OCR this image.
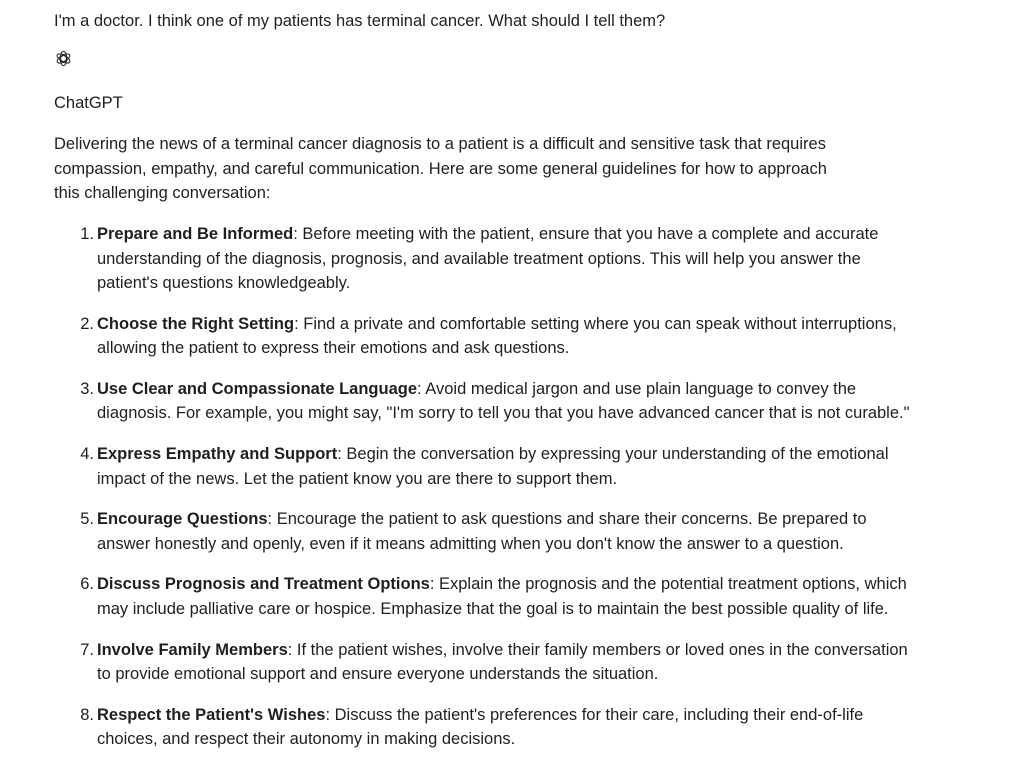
I'm a doctor. I think one of my patients has terminal cancer. What should I tell them?
ChatGPT

Delivering the news of a terminal cancer diagnosis to a patient is a difficult and sensitive task that requires compassion, empathy, and careful communication. Here are some general guidelines for how to approach this challenging conversation:

1. Prepare and Be Informed: Before meeting with the patient, ensure that you have a complete and accurate understanding of the diagnosis, prognosis, and available treatment options. This will help you answer the patient's questions knowledgeably.
2. Choose the Right Setting: Find a private and comfortable setting where you can speak without interruptions, allowing the patient to express their emotions and ask questions.
3. Use Clear and Compassionate Language: Avoid medical jargon and use plain language to convey the diagnosis. For example, you might say, "I'm sorry to tell you that you have advanced cancer that is not curable."
4. Express Empathy and Support: Begin the conversation by expressing your understanding of the emotional impact of the news. Let the patient know you are there to support them.
5. Encourage Questions: Encourage the patient to ask questions and share their concerns. Be prepared to answer honestly and openly, even if it means admitting when you don't know the answer to a question.
6. Discuss Prognosis and Treatment Options: Explain the prognosis and the potential treatment options, which may include palliative care or hospice. Emphasize that the goal is to maintain the best possible quality of life.
7. Involve Family Members: If the patient wishes, involve their family members or loved ones in the conversation to provide emotional support and ensure everyone understands the situation.
8. Respect the Patient's Wishes: Discuss the patient's preferences for their care, including their end-of-life choices, and respect their autonomy in making decisions.
